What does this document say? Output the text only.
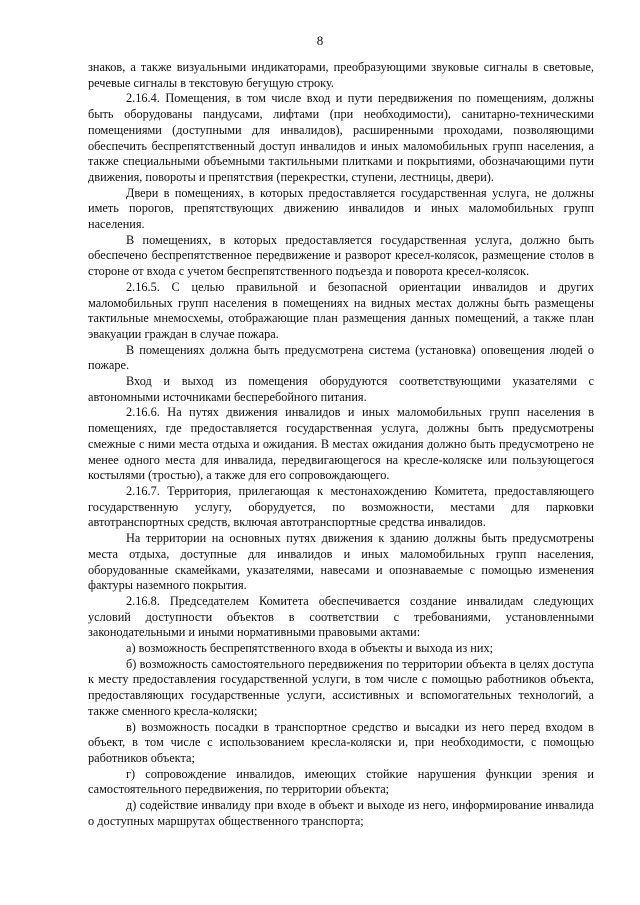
8

знаков, а также визуальными индикаторами, преобразующими звуковые сигналы в световые, речевые сигналы в текстовую бегущую строку.

2.16.4. Помещения, в том числе вход и пути передвижения по помещениям, должны быть оборудованы пандусами, лифтами (при необходимости), санитарно-техническими помещениями (доступными для инвалидов), расширенными проходами, позволяющими обеспечить беспрепятственный доступ инвалидов и иных маломобильных групп населения, а также специальными объемными тактильными плитками и покрытиями, обозначающими пути движения, повороты и препятствия (перекрестки, ступени, лестницы, двери).

Двери в помещениях, в которых предоставляется государственная услуга, не должны иметь порогов, препятствующих движению инвалидов и иных маломобильных групп населения.

В помещениях, в которых предоставляется государственная услуга, должно быть обеспечено беспрепятственное передвижение и разворот кресел-колясок, размещение столов в стороне от входа с учетом беспрепятственного подъезда и поворота кресел-колясок.

2.16.5. С целью правильной и безопасной ориентации инвалидов и других маломобильных групп населения в помещениях на видных местах должны быть размещены тактильные мнемосхемы, отображающие план размещения данных помещений, а также план эвакуации граждан в случае пожара.

В помещениях должна быть предусмотрена система (установка) оповещения людей о пожаре.

Вход и выход из помещения оборудуются соответствующими указателями с автономными источниками бесперебойного питания.

2.16.6. На путях движения инвалидов и иных маломобильных групп населения в помещениях, где предоставляется государственная услуга, должны быть предусмотрены смежные с ними места отдыха и ожидания. В местах ожидания должно быть предусмотрено не менее одного места для инвалида, передвигающегося на кресле-коляске или пользующегося костылями (тростью), а также для его сопровождающего.

2.16.7. Территория, прилегающая к местонахождению Комитета, предоставляющего государственную услугу, оборудуется, по возможности, местами для парковки автотранспортных средств, включая автотранспортные средства инвалидов.

На территории на основных путях движения к зданию должны быть предусмотрены места отдыха, доступные для инвалидов и иных маломобильных групп населения, оборудованные скамейками, указателями, навесами и опознаваемые с помощью изменения фактуры наземного покрытия.

2.16.8. Председателем Комитета обеспечивается создание инвалидам следующих условий доступности объектов в соответствии с требованиями, установленными законодательными и иными нормативными правовыми актами:

а) возможность беспрепятственного входа в объекты и выхода из них;

б) возможность самостоятельного передвижения по территории объекта в целях доступа к месту предоставления государственной услуги, в том числе с помощью работников объекта, предоставляющих государственные услуги, ассистивных и вспомогательных технологий, а также сменного кресла-коляски;

в) возможность посадки в транспортное средство и высадки из него перед входом в объект, в том числе с использованием кресла-коляски и, при необходимости, с помощью работников объекта;

г) сопровождение инвалидов, имеющих стойкие нарушения функции зрения и самостоятельного передвижения, по территории объекта;

д) содействие инвалиду при входе в объект и выходе из него, информирование инвалида о доступных маршрутах общественного транспорта;
